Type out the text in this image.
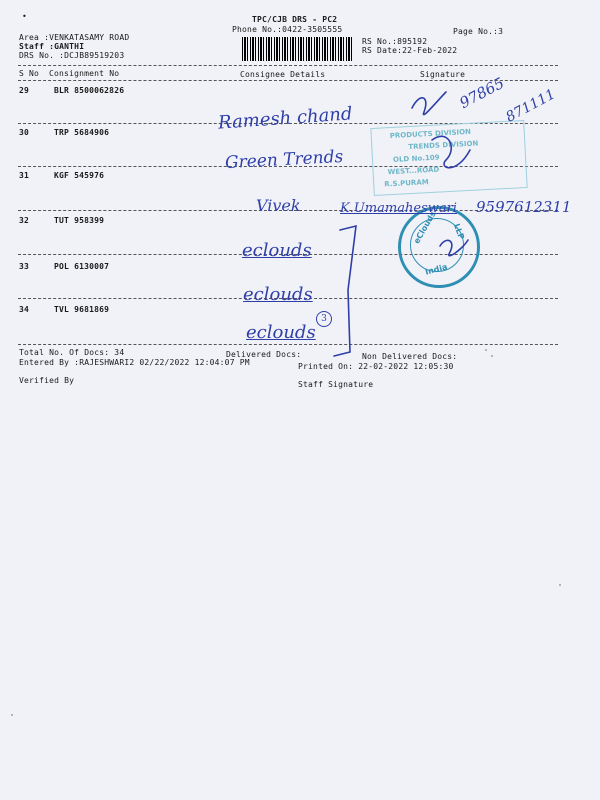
•	TPC/CJB DRS - PC2
Phone No.:0422-3505555	Page No.:3
Area :VENKATASAMY ROAD
Staff :GANTHI
DRS No. :DCJB89519203
RS No.:895192
RS Date:22-Feb-2022
S No Consignment No	Consignee Details	Signature
29	BLR 8500062826
30	TRP 5684906
31	KGF 545976
32	TUT 958399
33	POL 6130007
34	TVL 9681869
Total No. Of Docs: 34	Delivered Docs:	Non Delivered Docs:
Entered By :RAJESHWARI2 02/22/2022 12:04:07 PM	Printed On: 22-02-2022 12:05:30
Verified By	Staff Signature
PRODUCTS DIVISION
TRENDS DIVISION
OLD No.109
WEST...ROAD
R.S.PURAM
eClouds LLP
India
Ramesh chand
Green Trends
Vivek	K.Umamaheswari 9597612311
eclouds
eclouds
eclouds
3
97865
871111
